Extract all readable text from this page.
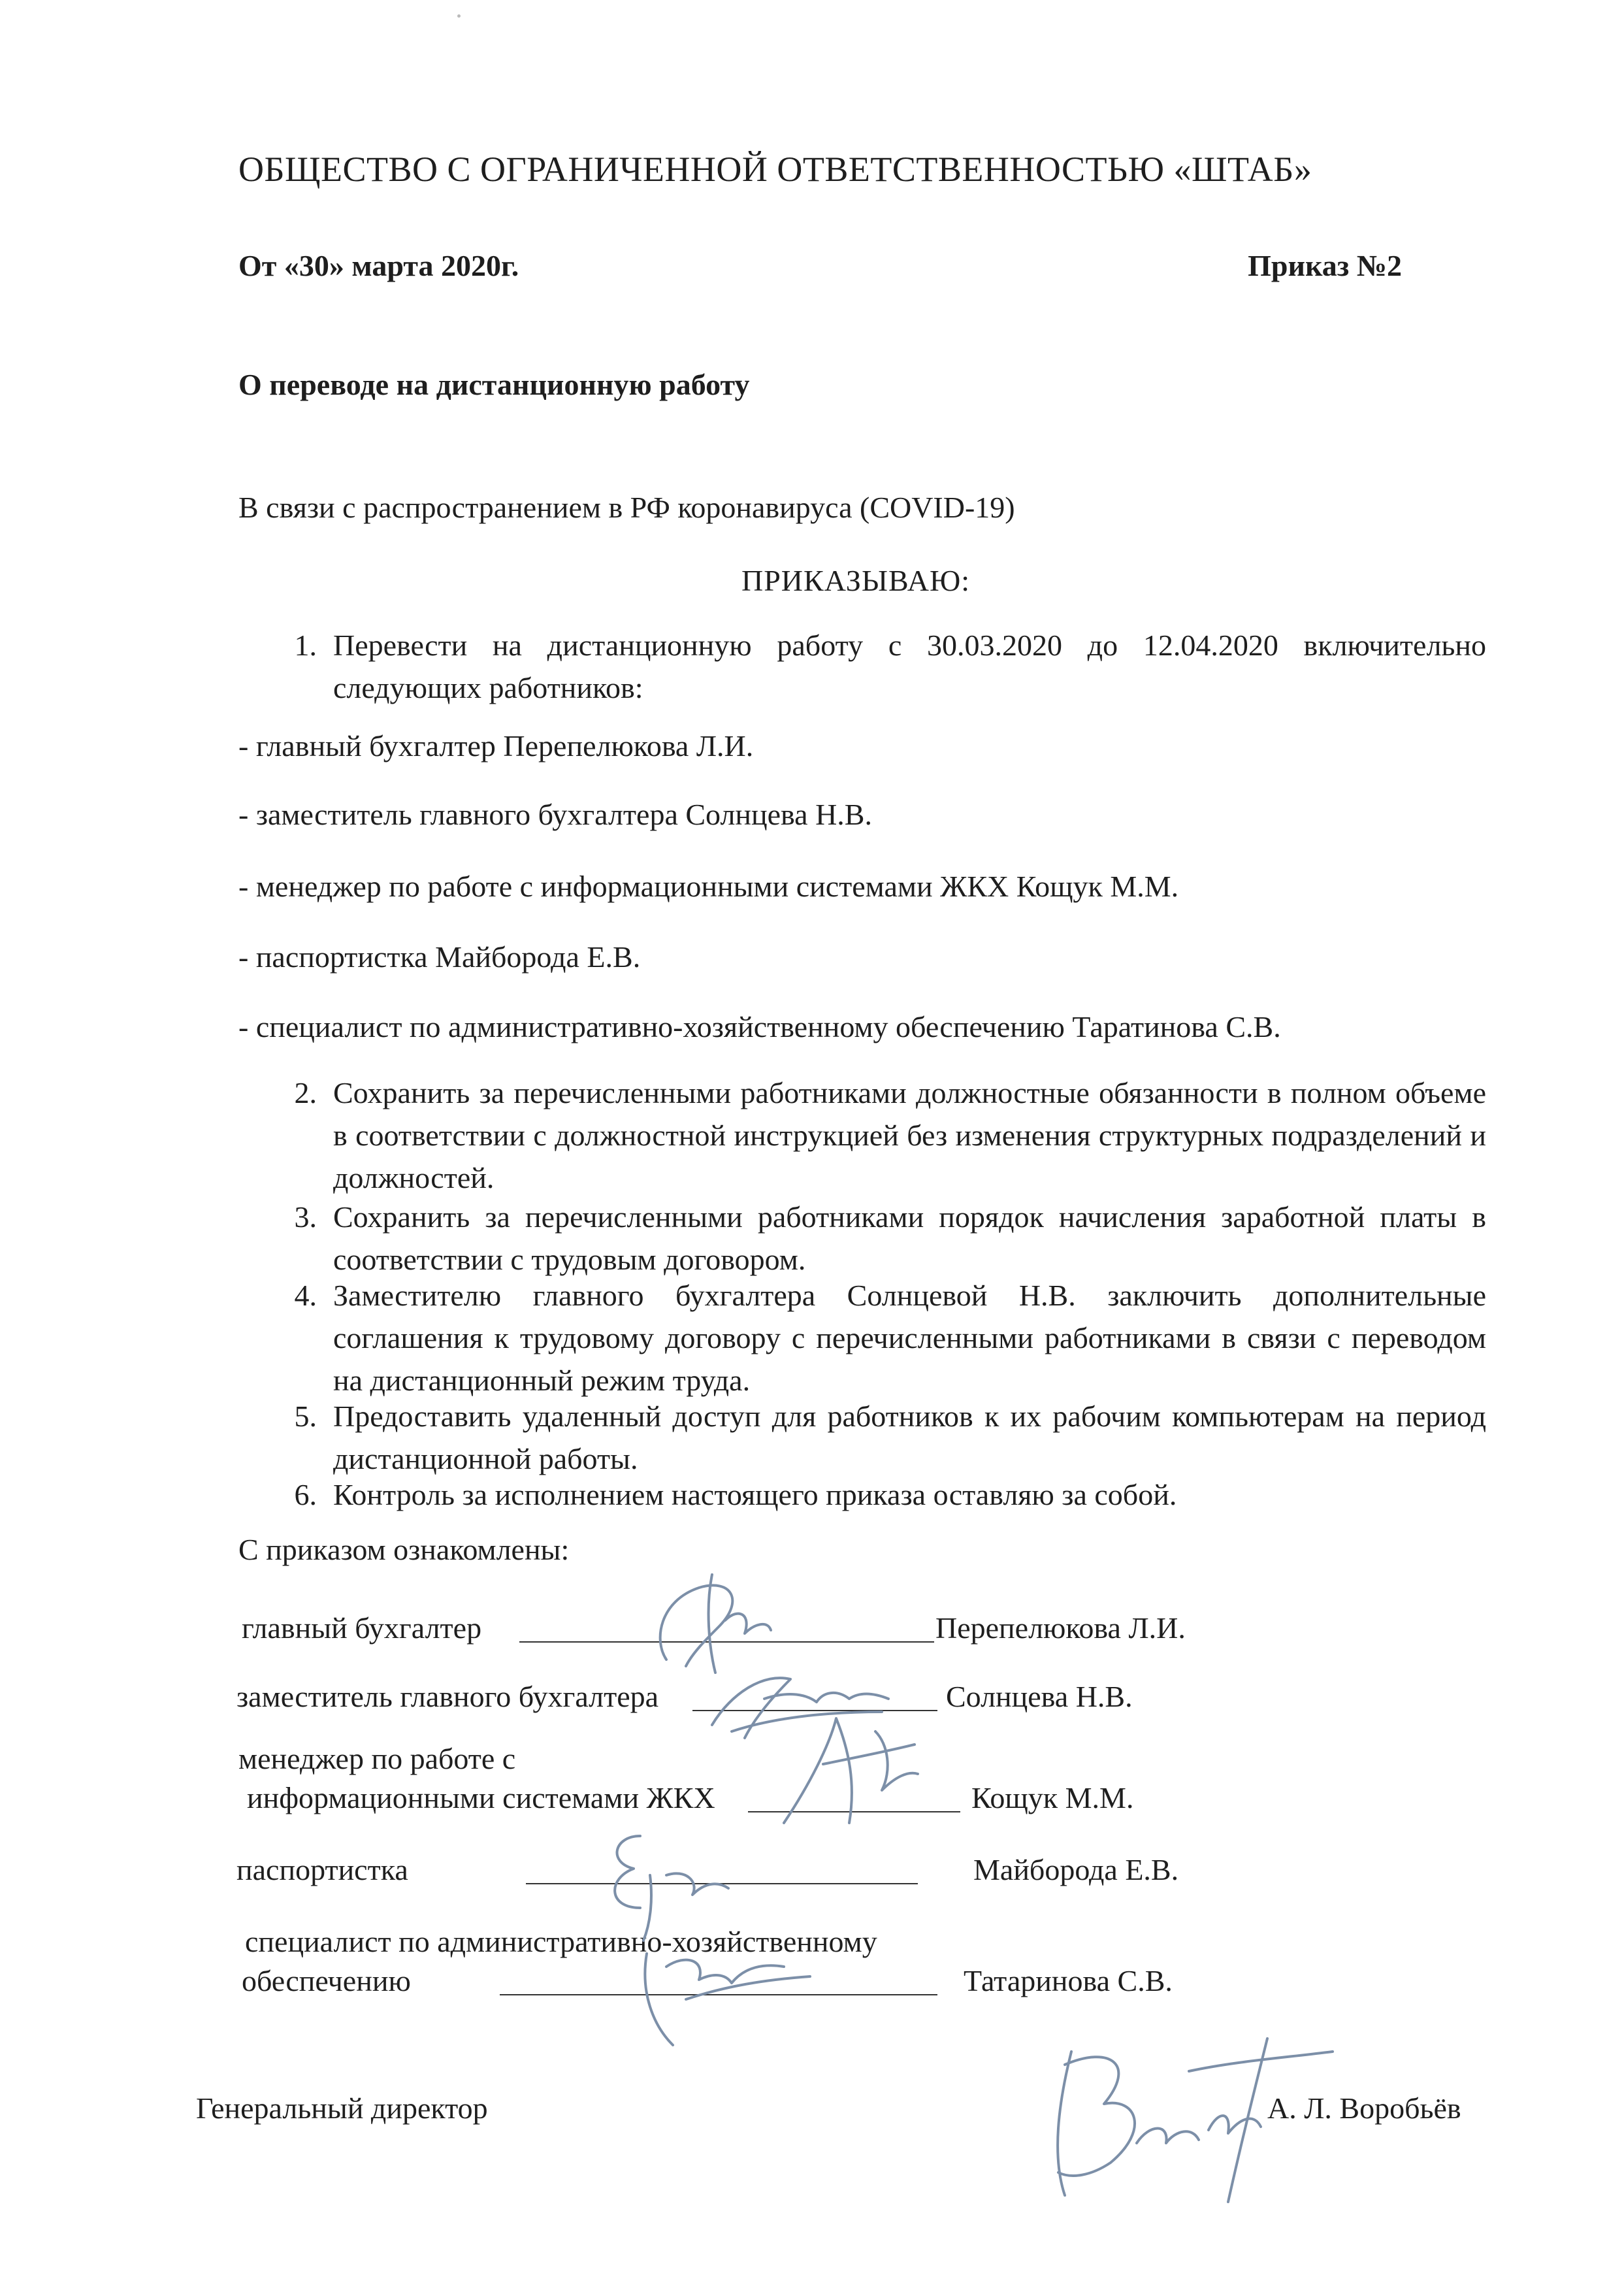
ОБЩЕСТВО С ОГРАНИЧЕННОЙ ОТВЕТСТВЕННОСТЬЮ «ШТАБ»
От «30» марта 2020г.	Приказ №2
О переводе на дистанционную работу
В связи с распространением в РФ коронавируса (COVID-19)
ПРИКАЗЫВАЮ:
1. Перевести на дистанционную работу с 30.03.2020 до 12.04.2020 включительно следующих работников:
- главный бухгалтер Перепелюкова Л.И.
- заместитель главного бухгалтера Солнцева Н.В.
- менеджер по работе с информационными системами ЖКХ Кощук М.М.
- паспортистка Майборода Е.В.
- специалист по административно-хозяйственному обеспечению Таратинова С.В.
2. Сохранить за перечисленными работниками должностные обязанности в полном объеме в соответствии с должностной инструкцией без изменения структурных подразделений и должностей.
3. Сохранить за перечисленными работниками порядок начисления заработной платы в соответствии с трудовым договором.
4. Заместителю главного бухгалтера Солнцевой Н.В. заключить дополнительные соглашения к трудовому договору с перечисленными работниками в связи с переводом на дистанционный режим труда.
5. Предоставить удаленный доступ для работников к их рабочим компьютерам на период дистанционной работы.
6. Контроль за исполнением настоящего приказа оставляю за собой.
С приказом ознакомлены:
главный бухгалтер	Перепелюкова Л.И.
заместитель главного бухгалтера	Солнцева Н.В.
менеджер по работе с
информационными системами ЖКХ	Кощук М.М.
паспортистка	Майборода Е.В.
специалист по административно-хозяйственному
обеспечению	Татаринова С.В.
Генеральный директор	А. Л. Воробьёв
